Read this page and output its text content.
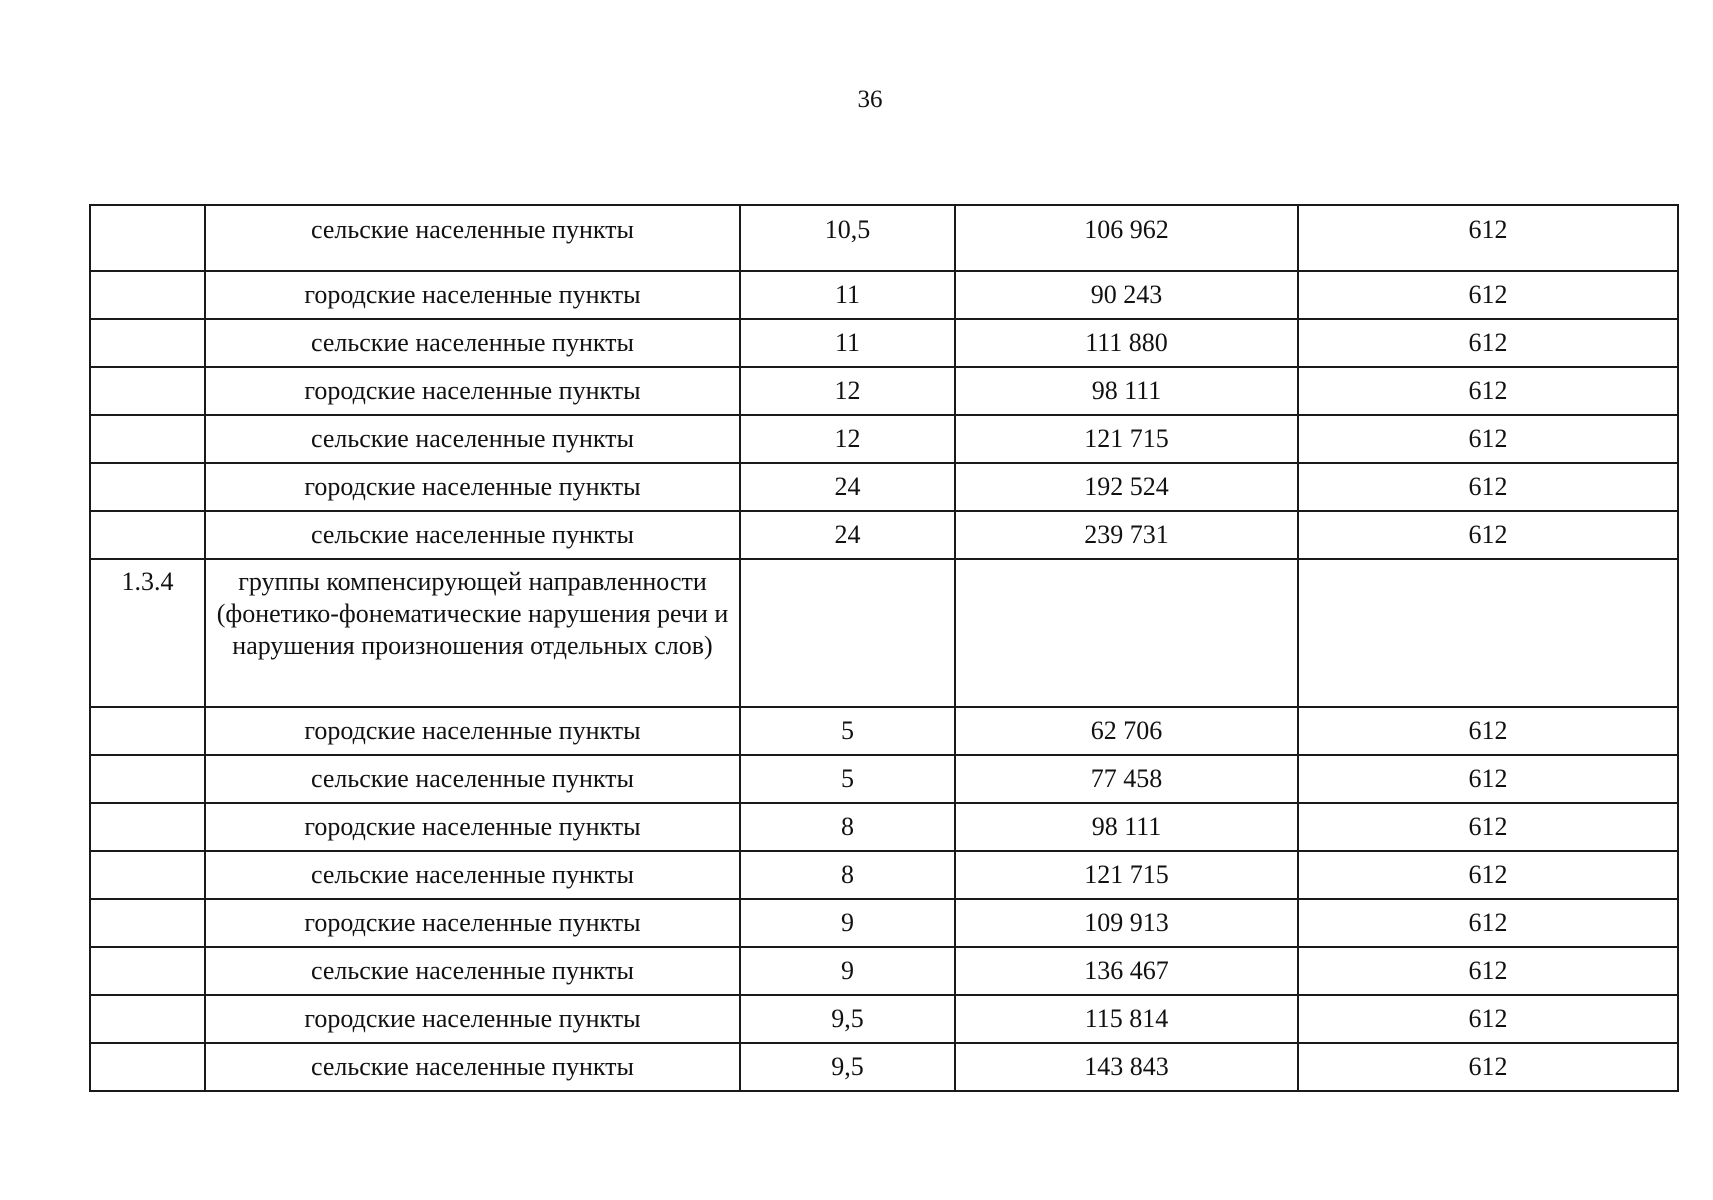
36
	сельские населенные пункты	10,5	106 962	612
	городские населенные пункты	11	90 243	612
	сельские населенные пункты	11	111 880	612
	городские населенные пункты	12	98 111	612
	сельские населенные пункты	12	121 715	612
	городские населенные пункты	24	192 524	612
	сельские населенные пункты	24	239 731	612
1.3.4	группы компенсирующей направленности (фонетико-фонематические нарушения речи и нарушения произношения отдельных слов)			
	городские населенные пункты	5	62 706	612
	сельские населенные пункты	5	77 458	612
	городские населенные пункты	8	98 111	612
	сельские населенные пункты	8	121 715	612
	городские населенные пункты	9	109 913	612
	сельские населенные пункты	9	136 467	612
	городские населенные пункты	9,5	115 814	612
	сельские населенные пункты	9,5	143 843	612
